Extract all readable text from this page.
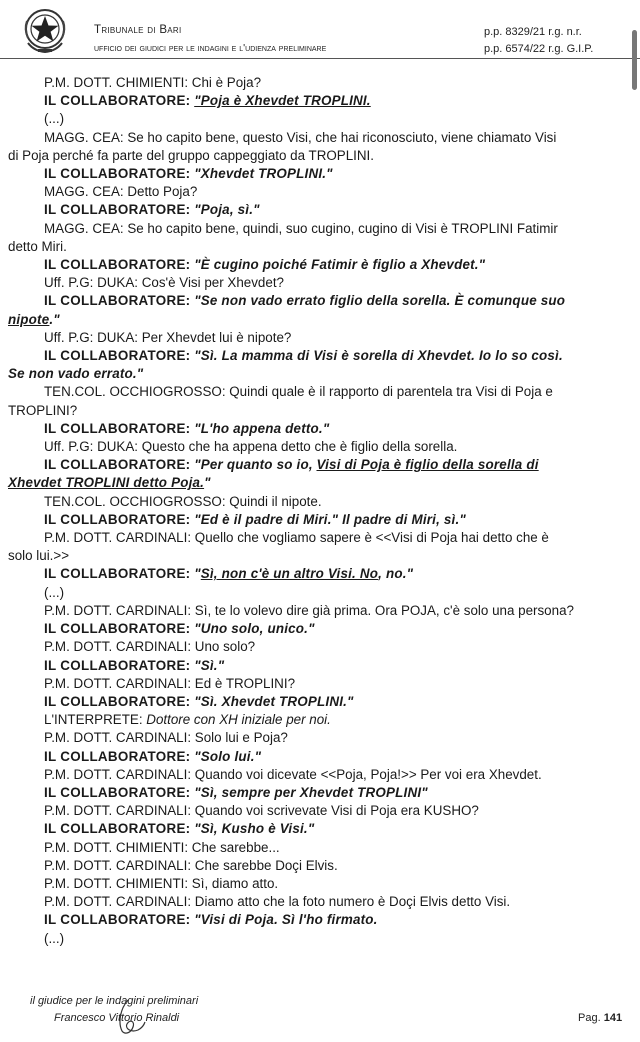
Tribunale di Bari
ufficio dei giudici per le indagini e l'udienza preliminare
p.p. 8329/21 r.g. n.r.
p.p. 6574/22 r.g. G.I.P.

P.M. DOTT. CHIMIENTI: Chi è Poja?

IL COLLABORATORE: "Poja è Xhevdet TROPLINI.

(...)

MAGG. CEA: Se ho capito bene, questo Visi, che hai riconosciuto, viene chiamato Visi

di Poja perché fa parte del gruppo cappeggiato da TROPLINI.

IL COLLABORATORE: "Xhevdet TROPLINI."

MAGG. CEA: Detto Poja?

IL COLLABORATORE: "Poja, sì."

MAGG. CEA: Se ho capito bene, quindi, suo cugino, cugino di Visi è TROPLINI Fatimir

detto Miri.

IL COLLABORATORE: "È cugino poiché Fatimir è figlio a Xhevdet."

Uff. P.G: DUKA: Cos'è Visi per Xhevdet?

IL COLLABORATORE: "Se non vado errato figlio della sorella. È comunque suo

nipote."

Uff. P.G: DUKA: Per Xhevdet lui è nipote?

IL COLLABORATORE: "Sì. La mamma di Visi è sorella di Xhevdet. Io lo so così.

Se non vado errato."

TEN.COL. OCCHIOGROSSO: Quindi quale è il rapporto di parentela tra Visi di Poja e

TROPLINI?

IL COLLABORATORE: "L'ho appena detto."

Uff. P.G: DUKA: Questo che ha appena detto che è figlio della sorella.

IL COLLABORATORE: "Per quanto so io, Visi di Poja è figlio della sorella di

Xhevdet TROPLINI detto Poja."

TEN.COL. OCCHIOGROSSO: Quindi il nipote.

IL COLLABORATORE: "Ed è il padre di Miri." Il padre di Miri, sì."

P.M. DOTT. CARDINALI: Quello che vogliamo sapere è <<Visi di Poja hai detto che è

solo lui.>>

IL COLLABORATORE: "Sì, non c'è un altro Visi. No, no."

(...)

P.M. DOTT. CARDINALI: Sì, te lo volevo dire già prima. Ora POJA, c'è solo una persona?

IL COLLABORATORE: "Uno solo, unico."

P.M. DOTT. CARDINALI: Uno solo?

IL COLLABORATORE: "Sì."

P.M. DOTT. CARDINALI: Ed è TROPLINI?

IL COLLABORATORE: "Sì. Xhevdet TROPLINI."

L'INTERPRETE: Dottore con XH iniziale per noi.

P.M. DOTT. CARDINALI: Solo lui e Poja?

IL COLLABORATORE: "Solo lui."

P.M. DOTT. CARDINALI: Quando voi dicevate <<Poja, Poja!>> Per voi era Xhevdet.

IL COLLABORATORE: "Sì, sempre per Xhevdet TROPLINI"

P.M. DOTT. CARDINALI: Quando voi scrivevate Visi di Poja era KUSHO?

IL COLLABORATORE: "Sì, Kusho è Visi."

P.M. DOTT. CHIMIENTI: Che sarebbe...

P.M. DOTT. CARDINALI: Che sarebbe Doçi Elvis.

P.M. DOTT. CHIMIENTI: Sì, diamo atto.

P.M. DOTT. CARDINALI: Diamo atto che la foto numero è Doçi Elvis detto Visi.

IL COLLABORATORE: "Visi di Poja. Sì l'ho firmato.

(...)

il giudice per le indagini preliminari
Francesco Vittorio Rinaldi	Pag. 141
